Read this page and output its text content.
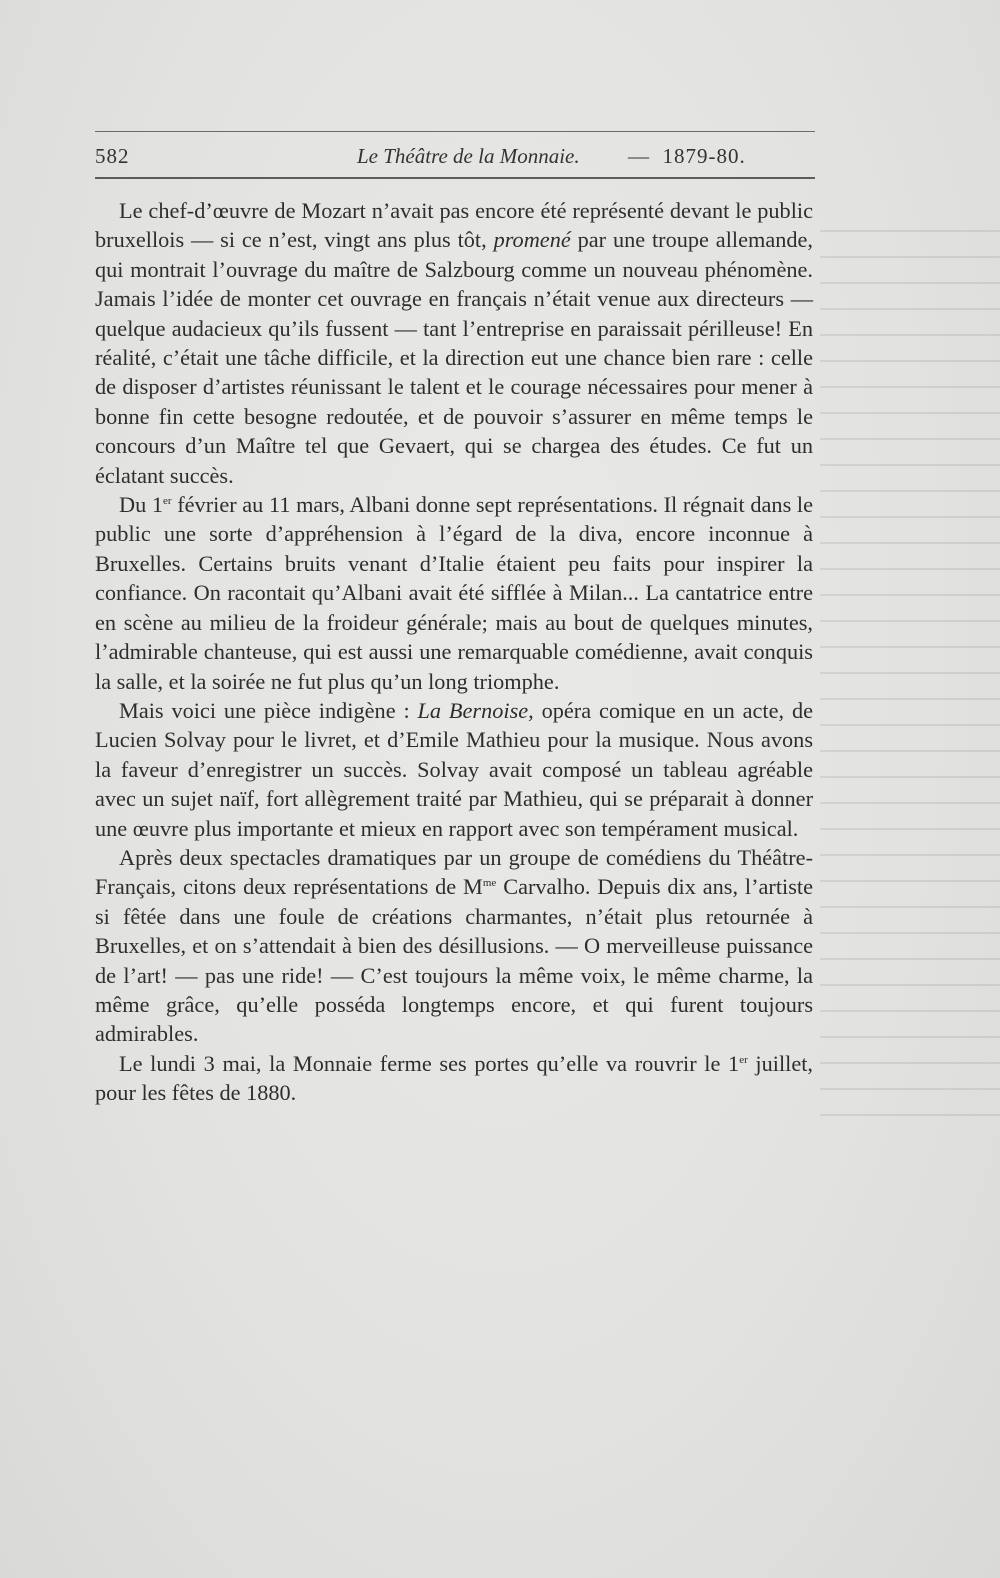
582	Le Théâtre de la Monnaie. — 1879-80.

Le chef-d’œuvre de Mozart n’avait pas encore été représenté devant le public bruxellois — si ce n’est, vingt ans plus tôt, promené par une troupe allemande, qui montrait l’ouvrage du maître de Salzbourg comme un nouveau phénomène. Jamais l’idée de monter cet ouvrage en français n’était venue aux directeurs — quelque audacieux qu’ils fussent — tant l’entreprise en paraissait périlleuse! En réalité, c’était une tâche difficile, et la direction eut une chance bien rare : celle de disposer d’artistes réunissant le talent et le courage nécessaires pour mener à bonne fin cette besogne redoutée, et de pouvoir s’assurer en même temps le concours d’un Maître tel que Gevaert, qui se chargea des études. Ce fut un éclatant succès.

Du 1er février au 11 mars, Albani donne sept représentations. Il régnait dans le public une sorte d’appréhension à l’égard de la diva, encore inconnue à Bruxelles. Certains bruits venant d’Italie étaient peu faits pour inspirer la confiance. On racontait qu’Albani avait été sifflée à Milan... La cantatrice entre en scène au milieu de la froideur générale; mais au bout de quelques minutes, l’admirable chanteuse, qui est aussi une remarquable comédienne, avait conquis la salle, et la soirée ne fut plus qu’un long triomphe.

Mais voici une pièce indigène : La Bernoise, opéra comique en un acte, de Lucien Solvay pour le livret, et d’Emile Mathieu pour la musique. Nous avons la faveur d’enregistrer un succès. Solvay avait composé un tableau agréable avec un sujet naïf, fort allègrement traité par Mathieu, qui se préparait à donner une œuvre plus importante et mieux en rapport avec son tempérament musical.

Après deux spectacles dramatiques par un groupe de comédiens du Théâtre-Français, citons deux représentations de $M^{me}$ Carvalho. Depuis dix ans, l’artiste si fêtée dans une foule de créations charmantes, n’était plus retournée à Bruxelles, et on s’attendait à bien des désillusions. — O merveilleuse puissance de l’art! — pas une ride! — C’est toujours la même voix, le même charme, la même grâce, qu’elle posséda longtemps encore, et qui furent toujours admirables.

Le lundi 3 mai, la Monnaie ferme ses portes qu’elle va rouvrir le 1er juillet, pour les fêtes de 1880.
